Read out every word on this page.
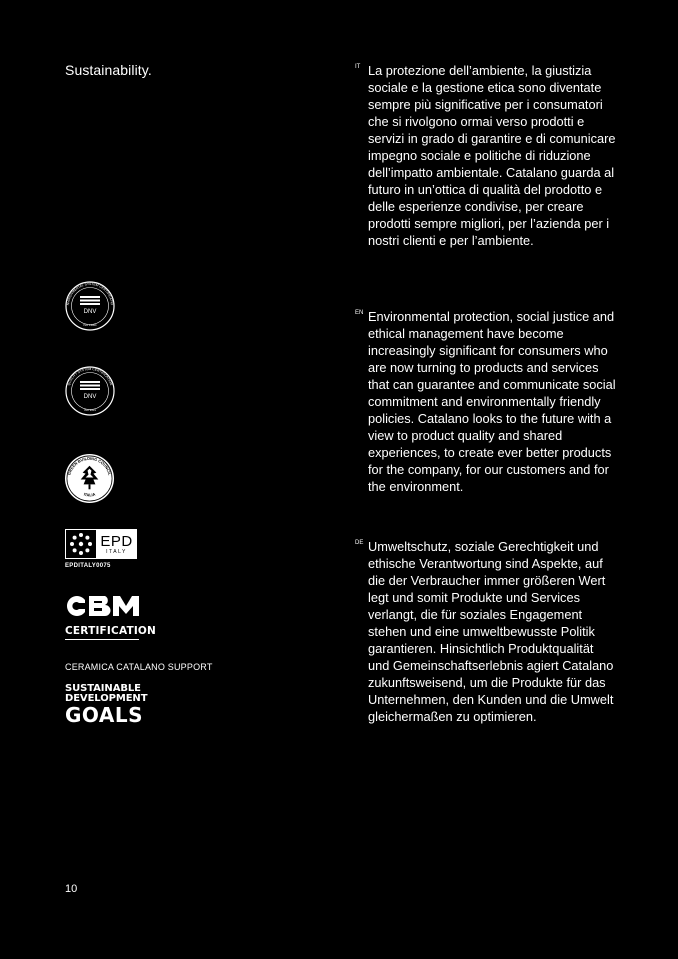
Sustainability.	IT La protezione dell’ambiente, la giustizia sociale e la gestione etica sono diventate sempre più significative per i consumatori che si rivolgono ormai verso prodotti e servizi in grado di garantire e di comunicare impegno sociale e politiche di riduzione dell’impatto ambientale. Catalano guarda al futuro in un’ottica di qualità del prodotto e delle esperienze condivise, per creare prodotti sempre migliori, per l’azienda per i nostri clienti e per l’ambiente.
EN Environmental protection, social justice and ethical management have become increasingly significant for consumers who are now turning to products and services that can guarantee and communicate social commitment and environmentally friendly policies. Catalano looks to the future with a view to product quality and shared experiences, to create ever better products for the company, for our customers and for the environment.
DE Umweltschutz, soziale Gerechtigkeit und ethische Verantwortung sind Aspekte, auf die der Verbraucher immer größeren Wert legt und somit Produkte und Services verlangt, die für soziales Engagement stehen und eine umweltbewusste Politik garantieren. Hinsichtlich Produktqualität und Gemeinschaftserlebnis agiert Catalano zukunftsweisend, um die Produkte für das Unternehmen, den Kunden und die Umwelt gleichermaßen zu optimieren.
NVIRONMENTAL SYSTEM CERTIFICATIO
DNV
ISO 14001
QUALITY SYSTEM CERTIFICATION
DNV
ISO 9001
GREEN BUILDING COUNCIL
ITALIA
EPD
ITALY
EPDITALY0075
CERTIFICATION
CERAMICA CATALANO SUPPORT
SUSTAINABLE
DEVELOPMENT
GOALS
10
